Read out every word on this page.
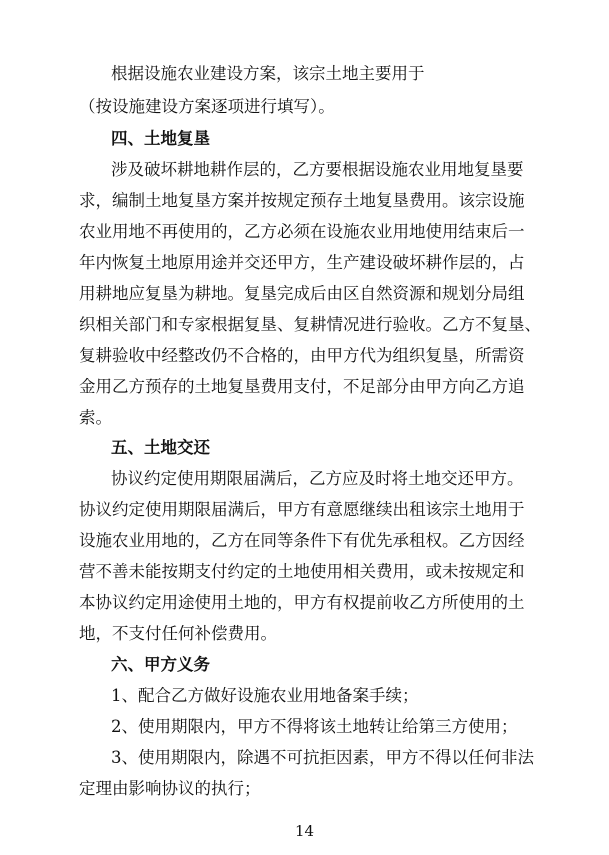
根据设施农业建设方案，该宗土地主要用于
（按设施建设方案逐项进行填写）。
四、土地复垦
涉及破坏耕地耕作层的，乙方要根据设施农业用地复垦要
求，编制土地复垦方案并按规定预存土地复垦费用。该宗设施
农业用地不再使用的，乙方必须在设施农业用地使用结束后一
年内恢复土地原用途并交还甲方，生产建设破坏耕作层的，占
用耕地应复垦为耕地。复垦完成后由区自然资源和规划分局组
织相关部门和专家根据复垦、复耕情况进行验收。乙方不复垦、
复耕验收中经整改仍不合格的，由甲方代为组织复垦，所需资
金用乙方预存的土地复垦费用支付，不足部分由甲方向乙方追
索。
五、土地交还
协议约定使用期限届满后，乙方应及时将土地交还甲方。
协议约定使用期限届满后，甲方有意愿继续出租该宗土地用于
设施农业用地的，乙方在同等条件下有优先承租权。乙方因经
营不善未能按期支付约定的土地使用相关费用，或未按规定和
本协议约定用途使用土地的，甲方有权提前收乙方所使用的土
地，不支付任何补偿费用。
六、甲方义务
1、配合乙方做好设施农业用地备案手续；
2、使用期限内，甲方不得将该土地转让给第三方使用；
3、使用期限内，除遇不可抗拒因素，甲方不得以任何非法
定理由影响协议的执行；
14
